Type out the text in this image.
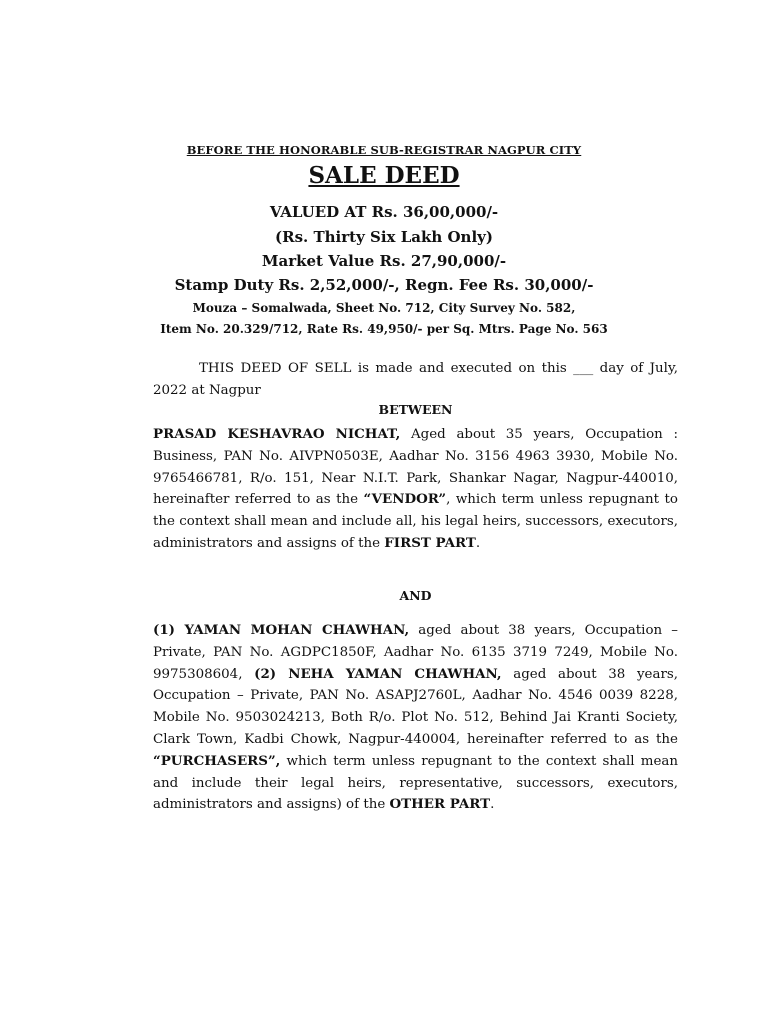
BEFORE THE HONORABLE SUB-REGISTRAR NAGPUR CITY
SALE DEED
VALUED AT Rs. 36,00,000/-
(Rs. Thirty Six Lakh Only)
Market Value Rs. 27,90,000/-
Stamp Duty Rs. 2,52,000/-, Regn. Fee Rs. 30,000/-
Mouza – Somalwada, Sheet No. 712, City Survey No. 582,
Item No. 20.329/712, Rate Rs. 49,950/- per Sq. Mtrs. Page No. 563
THIS DEED OF SELL is made and executed on this ___ day of July, 2022 at Nagpur
BETWEEN
PRASAD KESHAVRAO NICHAT, Aged about 35 years, Occupation : Business, PAN No. AIVPN0503E, Aadhar No. 3156 4963 3930, Mobile No. 9765466781, R/o. 151, Near N.I.T. Park, Shankar Nagar, Nagpur-440010, hereinafter referred to as the “VENDOR”, which term unless repugnant to the context shall mean and include all, his legal heirs, successors, executors, administrators and assigns of the FIRST PART.
AND
(1) YAMAN MOHAN CHAWHAN, aged about 38 years, Occupation – Private, PAN No. AGDPC1850F, Aadhar No. 6135 3719 7249, Mobile No. 9975308604, (2) NEHA YAMAN CHAWHAN, aged about 38 years, Occupation – Private, PAN No. ASAPJ2760L, Aadhar No. 4546 0039 8228, Mobile No. 9503024213, Both R/o. Plot No. 512, Behind Jai Kranti Society, Clark Town, Kadbi Chowk, Nagpur-440004, hereinafter referred to as the “PURCHASERS”, which term unless repugnant to the context shall mean and include their legal heirs, representative, successors, executors, administrators and assigns) of the OTHER PART.
